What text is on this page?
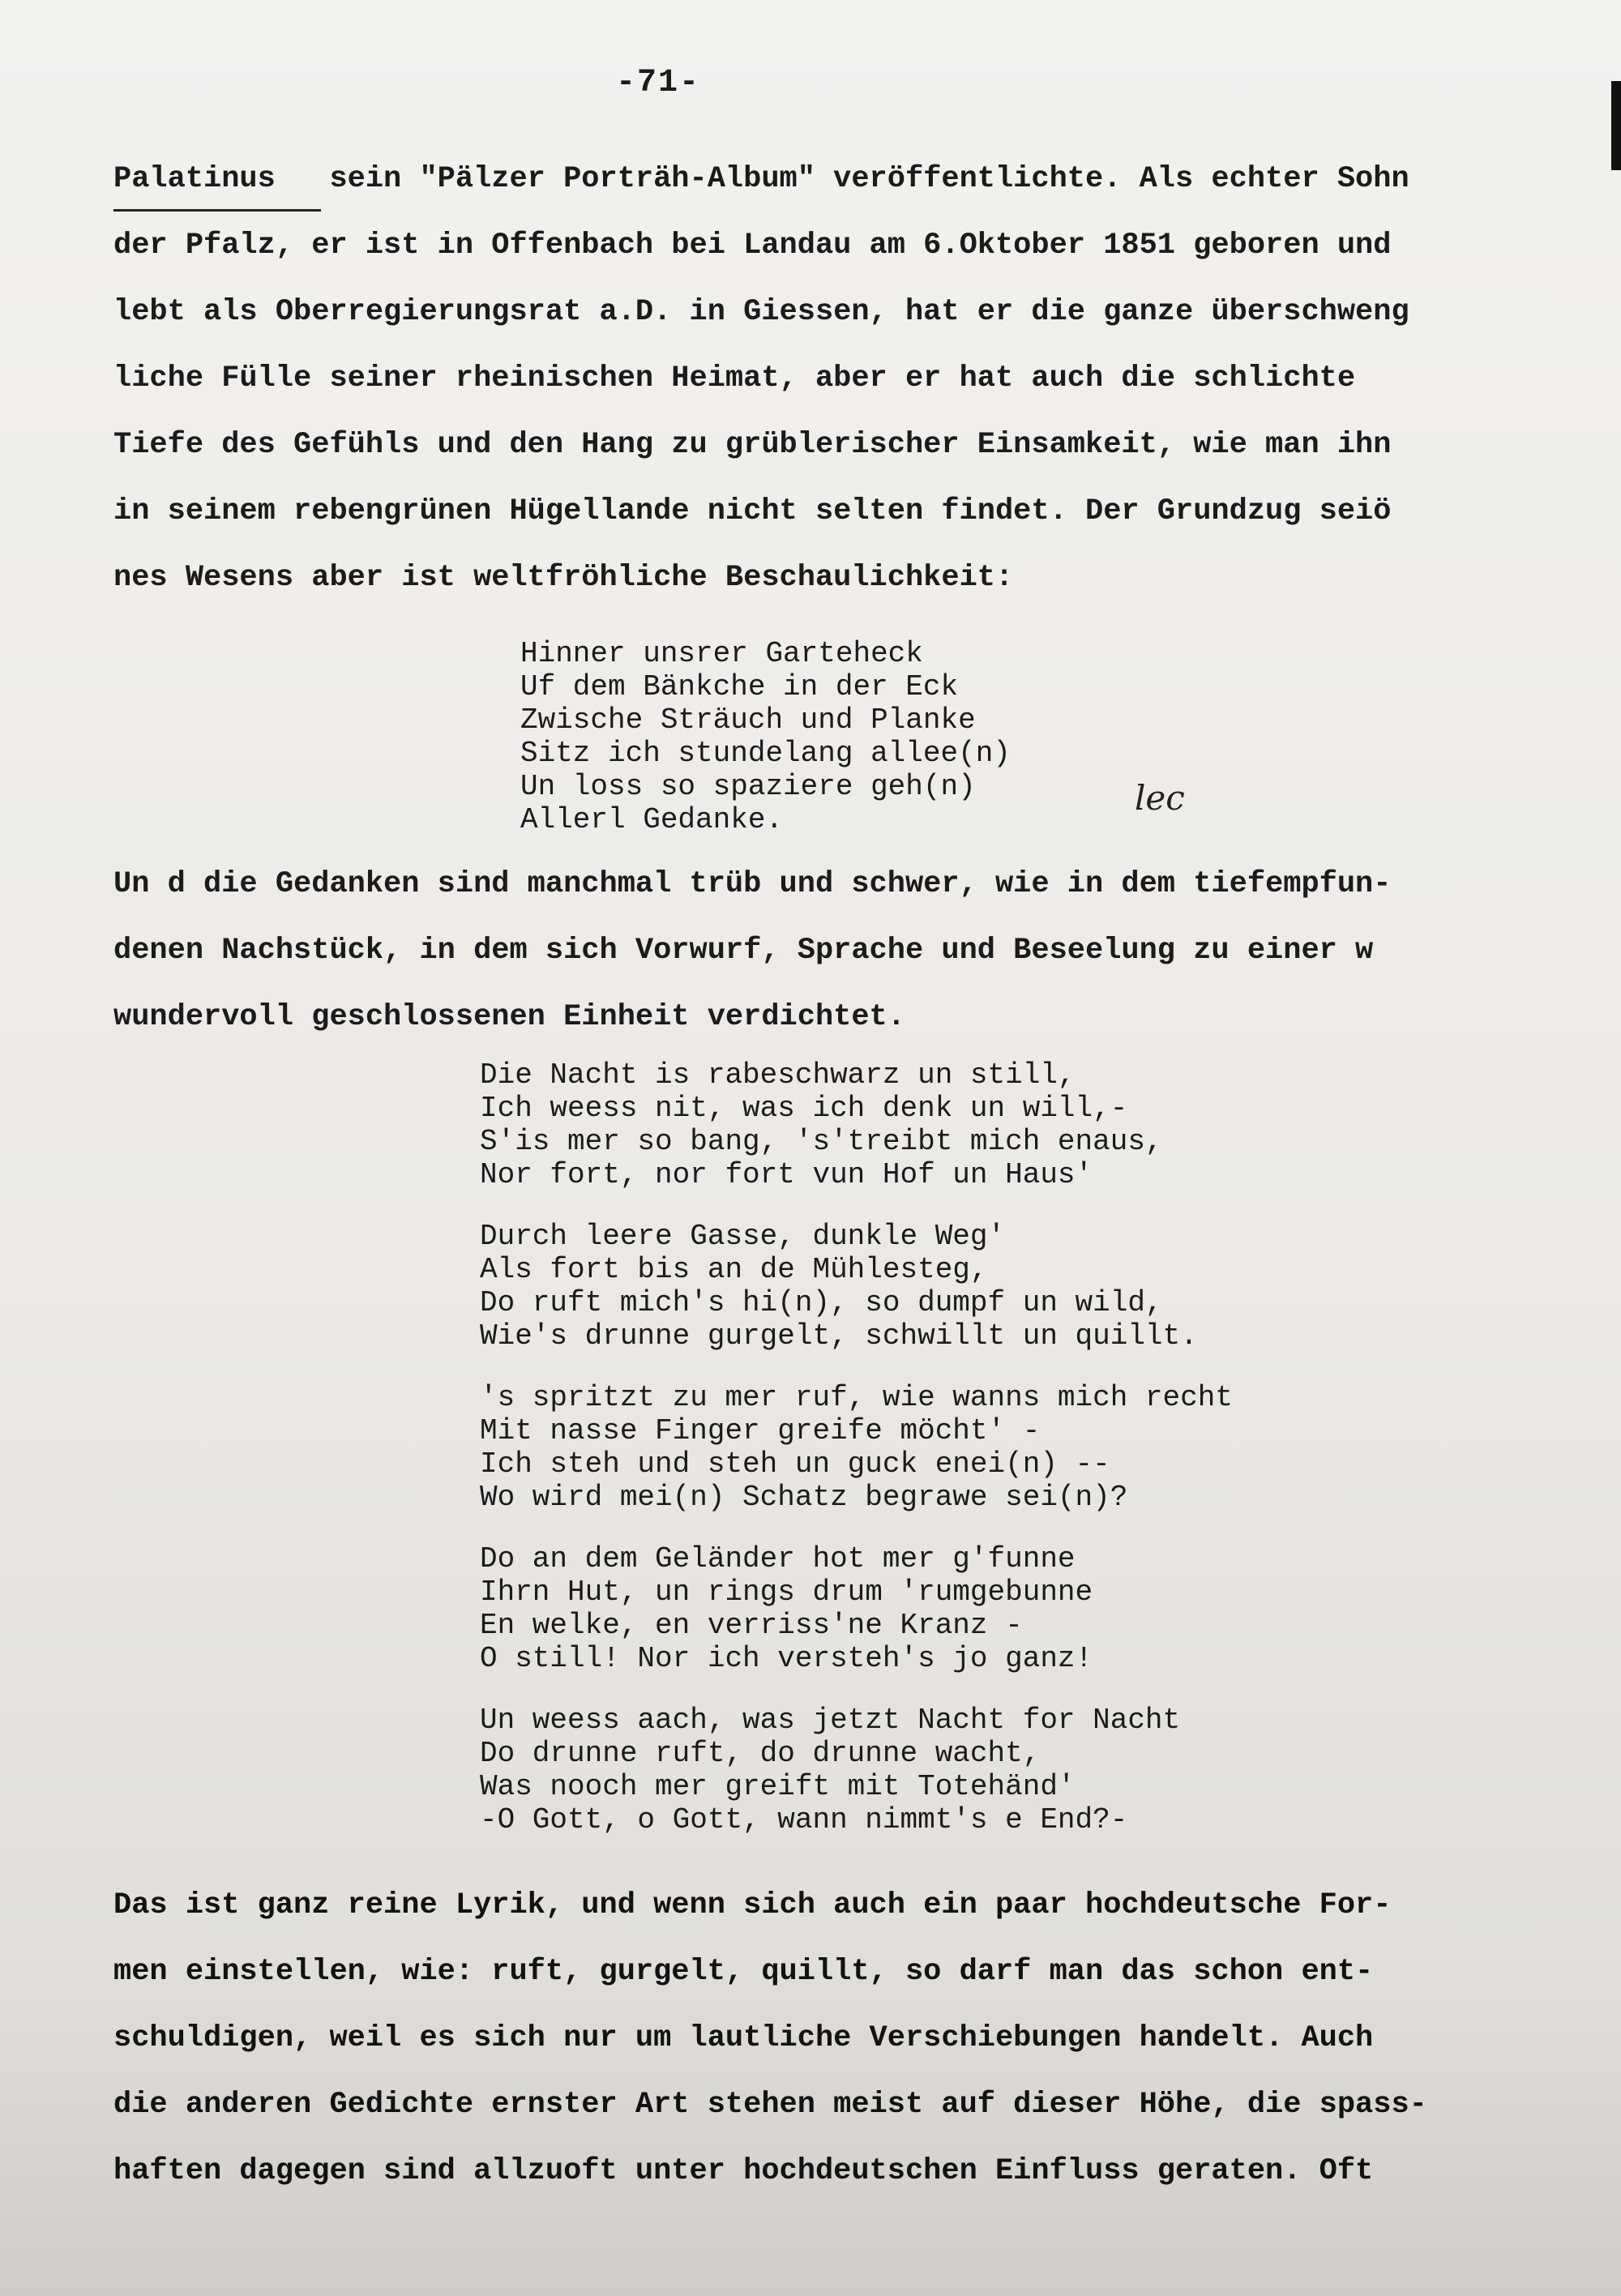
-71-
Palatinus   sein "Pälzer Porträh-Album" veröffentlichte. Als echter Sohn
der Pfalz, er ist in Offenbach bei Landau am 6.Oktober 1851 geboren und
lebt als Oberregierungsrat a.D. in Giessen, hat er die ganze überschweng
liche Fülle seiner rheinischen Heimat, aber er hat auch die schlichte
Tiefe des Gefühls und den Hang zu grüblerischer Einsamkeit, wie man ihn
in seinem rebengrünen Hügellande nicht selten findet. Der Grundzug seiö
nes Wesens aber ist weltfröhliche Beschaulichkeit:
Hinner unsrer Garteheck
Uf dem Bänkche in der Eck
Zwische Sträuch und Planke
Sitz ich stundelang allee(n)
Un loss so spaziere geh(n)
Allerl Gedanke.
lec
Un d die Gedanken sind manchmal trüb und schwer, wie in dem tiefempfun-
denen Nachstück, in dem sich Vorwurf, Sprache und Beseelung zu einer w
wundervoll geschlossenen Einheit verdichtet.
Die Nacht is rabeschwarz un still,
Ich weess nit, was ich denk un will,-
S'is mer so bang, 's'treibt mich enaus,
Nor fort, nor fort vun Hof un Haus'
Durch leere Gasse, dunkle Weg'
Als fort bis an de Mühlesteg,
Do ruft mich's hi(n), so dumpf un wild,
Wie's drunne gurgelt, schwillt un quillt.
's spritzt zu mer ruf, wie wanns mich recht
Mit nasse Finger greife möcht' -
Ich steh und steh un guck enei(n) --
Wo wird mei(n) Schatz begrawe sei(n)?
Do an dem Geländer hot mer g'funne
Ihrn Hut, un rings drum 'rumgebunne
En welke, en verriss'ne Kranz -
O still! Nor ich versteh's jo ganz!
Un weess aach, was jetzt Nacht for Nacht
Do drunne ruft, do drunne wacht,
Was nooch mer greift mit Totehänd'
-O Gott, o Gott, wann nimmt's e End?-
Das ist ganz reine Lyrik, und wenn sich auch ein paar hochdeutsche For-
men einstellen, wie: ruft, gurgelt, quillt, so darf man das schon ent-
schuldigen, weil es sich nur um lautliche Verschiebungen handelt. Auch
die anderen Gedichte ernster Art stehen meist auf dieser Höhe, die spass-
haften dagegen sind allzuoft unter hochdeutschen Einfluss geraten. Oft
